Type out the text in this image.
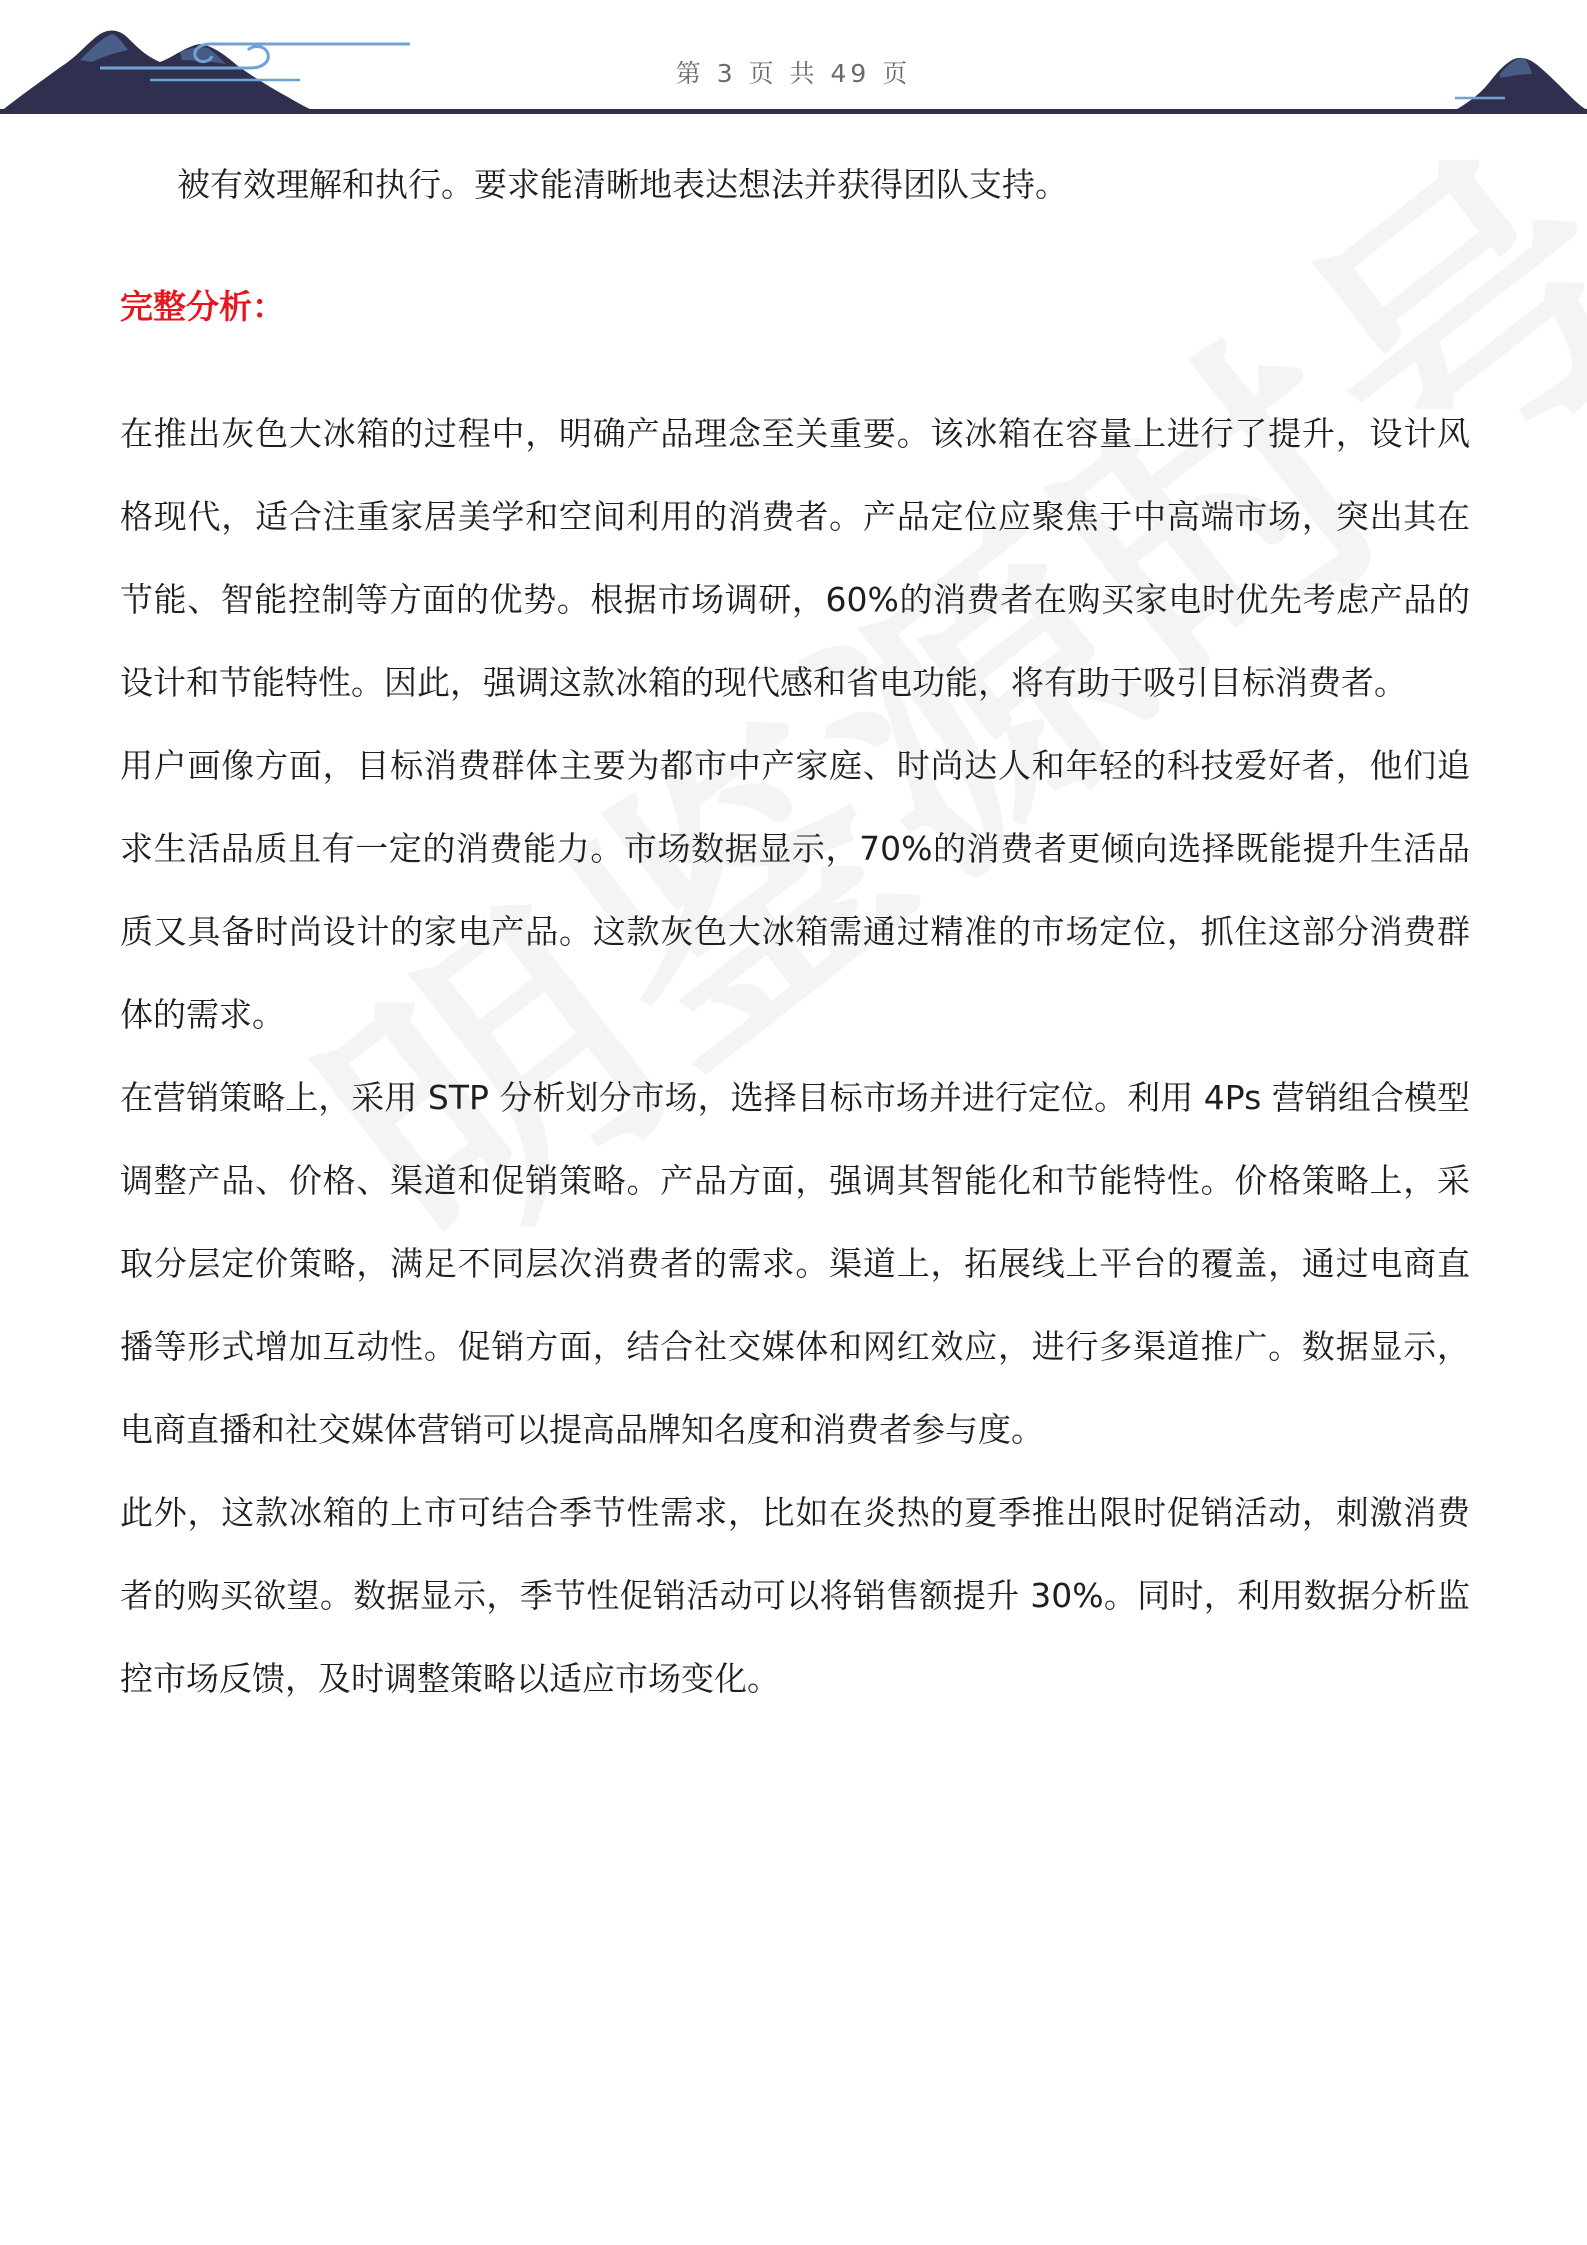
第 3 页 共 49 页

被有效理解和执行。要求能清晰地表达想法并获得团队支持。

完整分析：

在推出灰色大冰箱的过程中，明确产品理念至关重要。该冰箱在容量上进行了提升，设计风格现代，适合注重家居美学和空间利用的消费者。产品定位应聚焦于中高端市场，突出其在节能、智能控制等方面的优势。根据市场调研，60%的消费者在购买家电时优先考虑产品的设计和节能特性。因此，强调这款冰箱的现代感和省电功能，将有助于吸引目标消费者。

用户画像方面，目标消费群体主要为都市中产家庭、时尚达人和年轻的科技爱好者，他们追求生活品质且有一定的消费能力。市场数据显示，70%的消费者更倾向选择既能提升生活品质又具备时尚设计的家电产品。这款灰色大冰箱需通过精准的市场定位，抓住这部分消费群体的需求。

在营销策略上，采用 STP 分析划分市场，选择目标市场并进行定位。利用 4Ps 营销组合模型调整产品、价格、渠道和促销策略。产品方面，强调其智能化和节能特性。价格策略上，采取分层定价策略，满足不同层次消费者的需求。渠道上，拓展线上平台的覆盖，通过电商直播等形式增加互动性。促销方面，结合社交媒体和网红效应，进行多渠道推广。数据显示，电商直播和社交媒体营销可以提高品牌知名度和消费者参与度。

此外，这款冰箱的上市可结合季节性需求，比如在炎热的夏季推出限时促销活动，刺激消费者的购买欲望。数据显示，季节性促销活动可以将销售额提升 30%。同时，利用数据分析监控市场反馈，及时调整策略以适应市场变化。
